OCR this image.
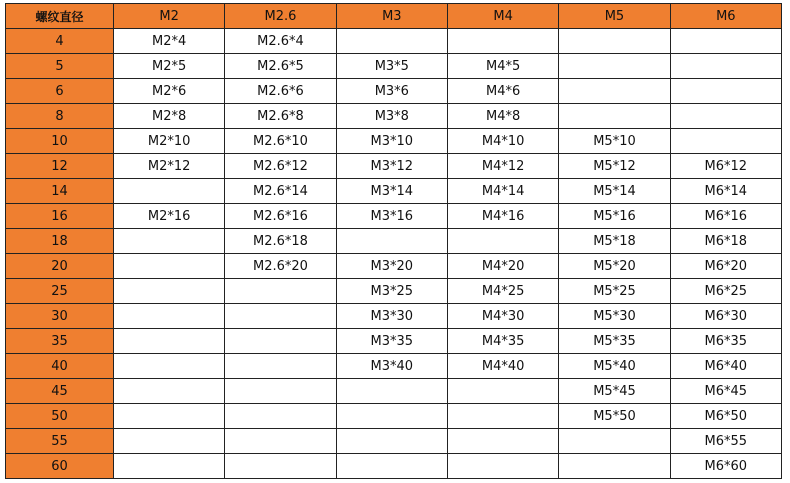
螺纹直径	M2	M2.6	M3	M4	M5	M6
4	M2*4	M2.6*4				
5	M2*5	M2.6*5	M3*5	M4*5		
6	M2*6	M2.6*6	M3*6	M4*6		
8	M2*8	M2.6*8	M3*8	M4*8		
10	M2*10	M2.6*10	M3*10	M4*10	M5*10	
12	M2*12	M2.6*12	M3*12	M4*12	M5*12	M6*12
14		M2.6*14	M3*14	M4*14	M5*14	M6*14
16	M2*16	M2.6*16	M3*16	M4*16	M5*16	M6*16
18		M2.6*18			M5*18	M6*18
20		M2.6*20	M3*20	M4*20	M5*20	M6*20
25			M3*25	M4*25	M5*25	M6*25
30			M3*30	M4*30	M5*30	M6*30
35			M3*35	M4*35	M5*35	M6*35
40			M3*40	M4*40	M5*40	M6*40
45					M5*45	M6*45
50					M5*50	M6*50
55						M6*55
60						M6*60
